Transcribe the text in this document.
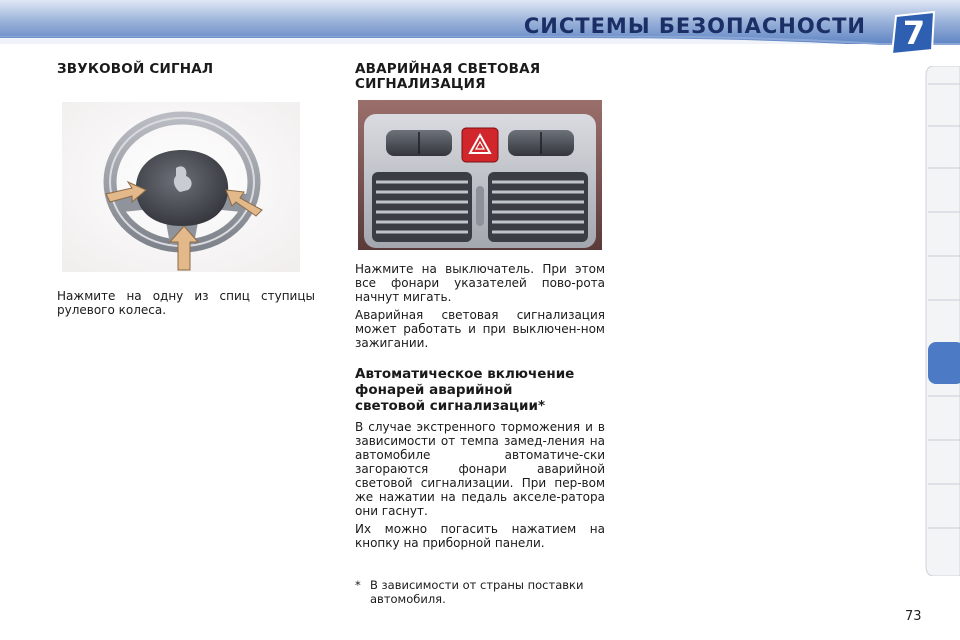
СИСТЕМЫ БЕЗОПАСНОСТИ	7
ЗВУКОВОЙ СИГНАЛ

Нажмите на одну из спиц ступицы рулевого колеса.

АВАРИЙНАЯ СВЕТОВАЯ
СИГНАЛИЗАЦИЯ

Нажмите на выключатель. При этом все фонари указателей пово-рота начнут мигать.

Аварийная световая сигнализация может работать и при выключен-ном зажигании.

Автоматическое включение
фонарей аварийной
световой сигнализации*

В случае экстренного торможения и в зависимости от темпа замед-ления на автомобиле автоматиче-ски загораются фонари аварийной световой сигнализации. При пер-вом же нажатии на педаль акселе-ратора они гаснут.

Их можно погасить нажатием на кнопку на приборной панели.

* В зависимости от страны поставки автомобиля.
73
